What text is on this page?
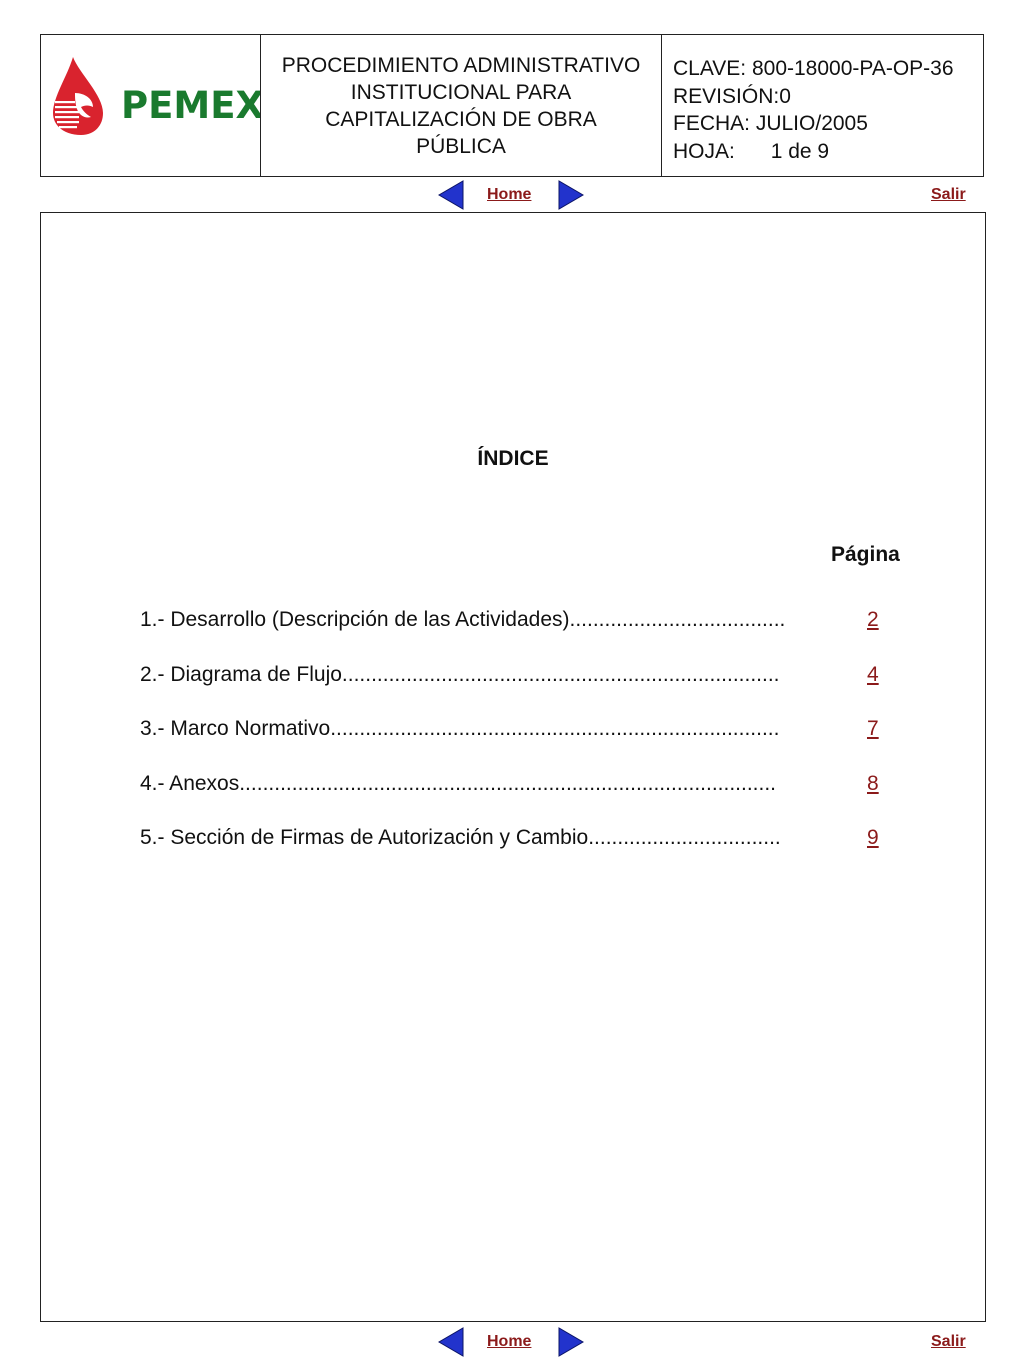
PEMEX
PROCEDIMIENTO ADMINISTRATIVO
INSTITUCIONAL PARA
CAPITALIZACIÓN DE OBRA
PÚBLICA
CLAVE: 800-18000-PA-OP-36
REVISIÓN:0
FECHA: JULIO/2005
HOJA: 1 de 9
Home	Salir
ÍNDICE
Página
1.- Desarrollo (Descripción de las Actividades).....................................	2
2.- Diagrama de Flujo...........................................................................	4
3.- Marco Normativo.............................................................................	7
4.- Anexos............................................................................................	8
5.- Sección de Firmas de Autorización y Cambio.................................	9
Home	Salir
